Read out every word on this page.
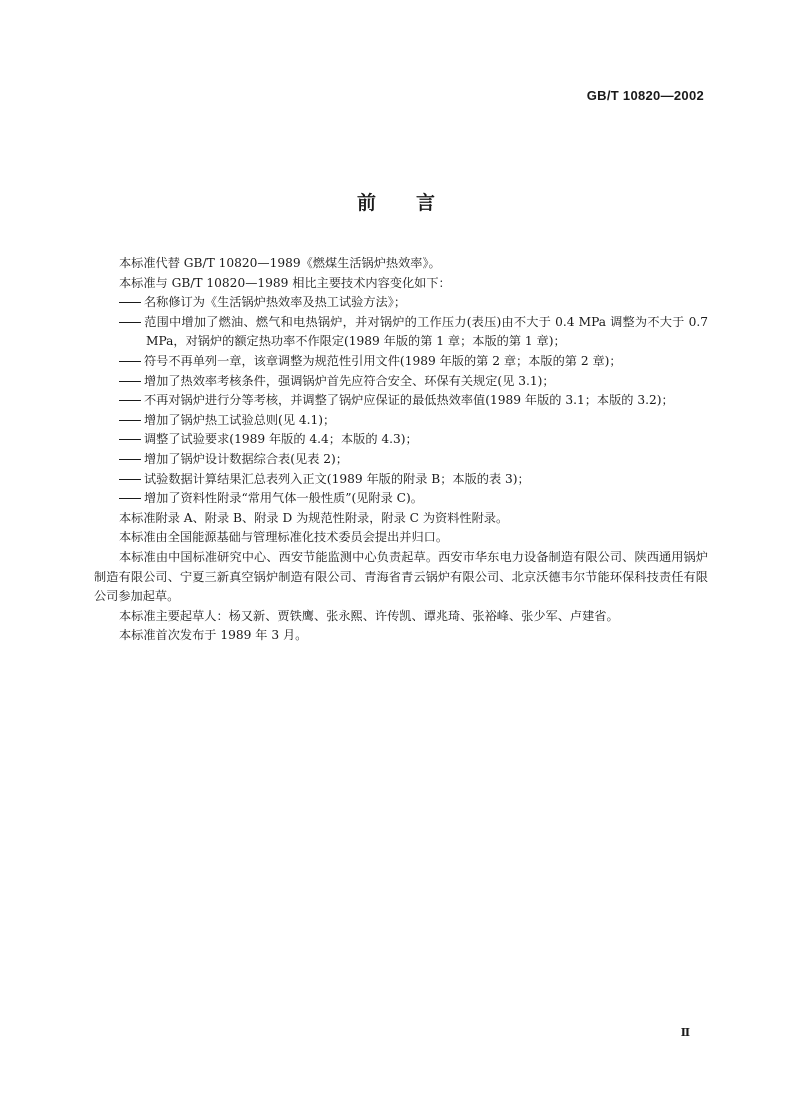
GB/T 10820—2002
前言

本标准代替 GB/T 10820—1989《燃煤生活锅炉热效率》。

本标准与 GB/T 10820—1989 相比主要技术内容变化如下：

名称修订为《生活锅炉热效率及热工试验方法》；

范围中增加了燃油、燃气和电热锅炉，并对锅炉的工作压力(表压)由不大于 0.4 MPa 调整为不大于 0.7 MPa，对锅炉的额定热功率不作限定(1989 年版的第 1 章；本版的第 1 章)；

符号不再单列一章，该章调整为规范性引用文件(1989 年版的第 2 章；本版的第 2 章)；

增加了热效率考核条件，强调锅炉首先应符合安全、环保有关规定(见 3.1)；

不再对锅炉进行分等考核，并调整了锅炉应保证的最低热效率值(1989 年版的 3.1；本版的 3.2)；

增加了锅炉热工试验总则(见 4.1)；

调整了试验要求(1989 年版的 4.4；本版的 4.3)；

增加了锅炉设计数据综合表(见表 2)；

试验数据计算结果汇总表列入正文(1989 年版的附录 B；本版的表 3)；

增加了资料性附录“常用气体一般性质”(见附录 C)。

本标准附录 A、附录 B、附录 D 为规范性附录，附录 C 为资料性附录。

本标准由全国能源基础与管理标准化技术委员会提出并归口。

本标准由中国标准研究中心、西安节能监测中心负责起草。西安市华东电力设备制造有限公司、陕西通用锅炉制造有限公司、宁夏三新真空锅炉制造有限公司、青海省青云锅炉有限公司、北京沃德韦尔节能环保科技责任有限公司参加起草。

本标准主要起草人：杨又新、贾铁鹰、张永熙、许传凯、谭兆琦、张裕峰、张少军、卢建省。

本标准首次发布于 1989 年 3 月。

Ⅱ
